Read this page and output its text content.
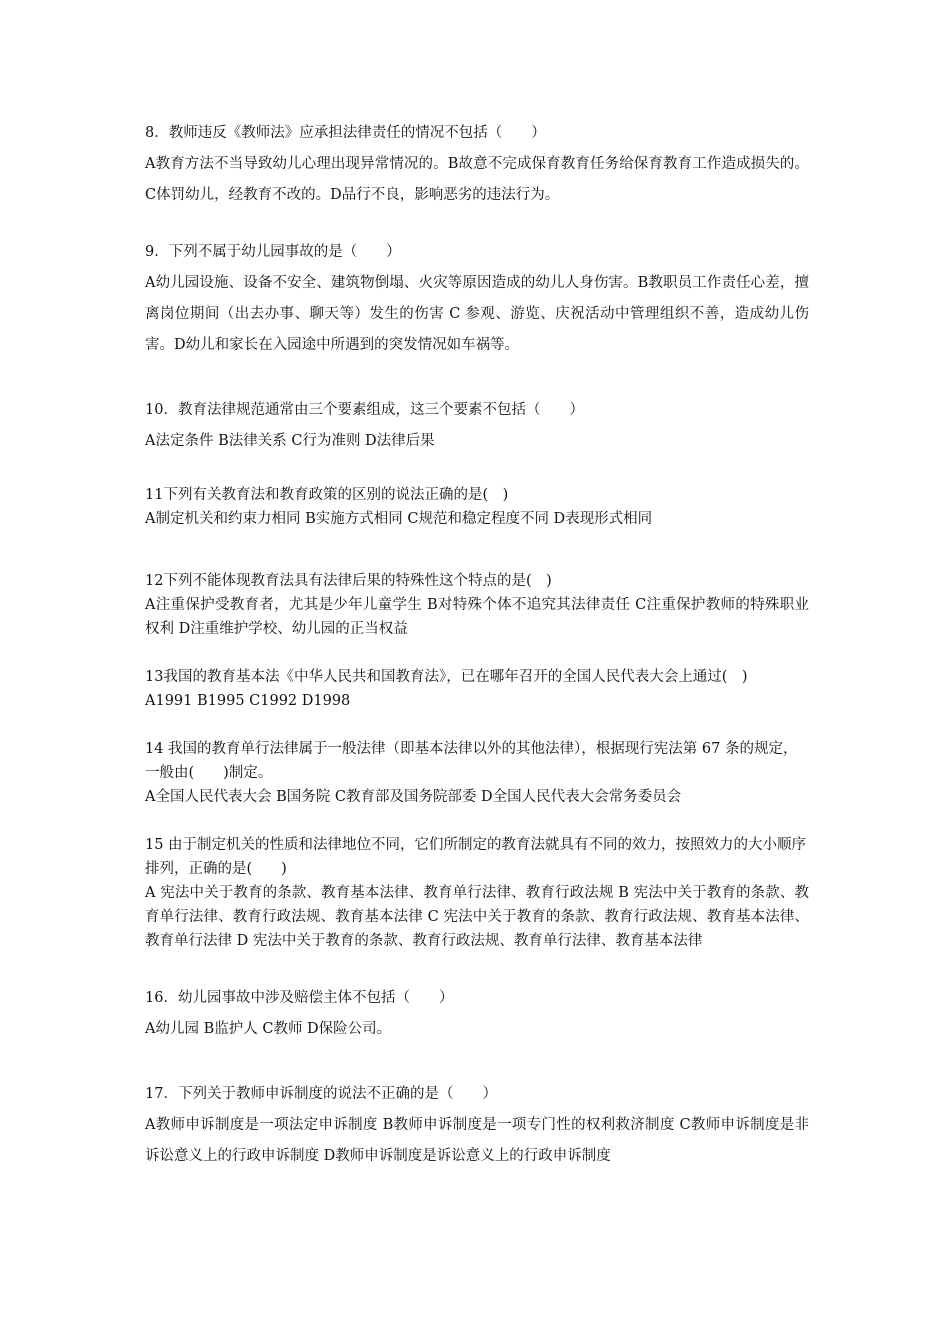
8．教师违反《教师法》应承担法律责任的情况不包括（　　）

A教育方法不当导致幼儿心理出现异常情况的。B故意不完成保育教育任务给保育教育工作造成损失的。C体罚幼儿，经教育不改的。D品行不良，影响恶劣的违法行为。

9．下列不属于幼儿园事故的是（　　）

A幼儿园设施、设备不安全、建筑物倒塌、火灾等原因造成的幼儿人身伤害。B教职员工作责任心差，擅离岗位期间（出去办事、聊天等）发生的伤害 C 参观、游览、庆祝活动中管理组织不善，造成幼儿伤害。D幼儿和家长在入园途中所遇到的突发情况如车祸等。

10．教育法律规范通常由三个要素组成，这三个要素不包括（　　）

A法定条件 B法律关系 C行为准则 D法律后果

11下列有关教育法和教育政策的区别的说法正确的是(　)

A制定机关和约束力相同 B实施方式相同 C规范和稳定程度不同 D表现形式相同

12下列不能体现教育法具有法律后果的特殊性这个特点的是(　)

A注重保护受教育者，尤其是少年儿童学生 B对特殊个体不追究其法律责任 C注重保护教师的特殊职业权利 D注重维护学校、幼儿园的正当权益

13我国的教育基本法《中华人民共和国教育法》，已在哪年召开的全国人民代表大会上通过(　)

A1991 B1995 C1992 D1998

14 我国的教育单行法律属于一般法律（即基本法律以外的其他法律），根据现行宪法第 67 条的规定，一般由(　　)制定。

A全国人民代表大会 B国务院 C教育部及国务院部委 D全国人民代表大会常务委员会

15 由于制定机关的性质和法律地位不同，它们所制定的教育法就具有不同的效力，按照效力的大小顺序排列，正确的是(　　)

A 宪法中关于教育的条款、教育基本法律、教育单行法律、教育行政法规 B 宪法中关于教育的条款、教育单行法律、教育行政法规、教育基本法律 C 宪法中关于教育的条款、教育行政法规、教育基本法律、教育单行法律 D 宪法中关于教育的条款、教育行政法规、教育单行法律、教育基本法律

16．幼儿园事故中涉及赔偿主体不包括（　　）

A幼儿园 B监护人 C教师 D保险公司。

17．下列关于教师申诉制度的说法不正确的是（　　）

A教师申诉制度是一项法定申诉制度 B教师申诉制度是一项专门性的权利救济制度 C教师申诉制度是非诉讼意义上的行政申诉制度 D教师申诉制度是诉讼意义上的行政申诉制度
